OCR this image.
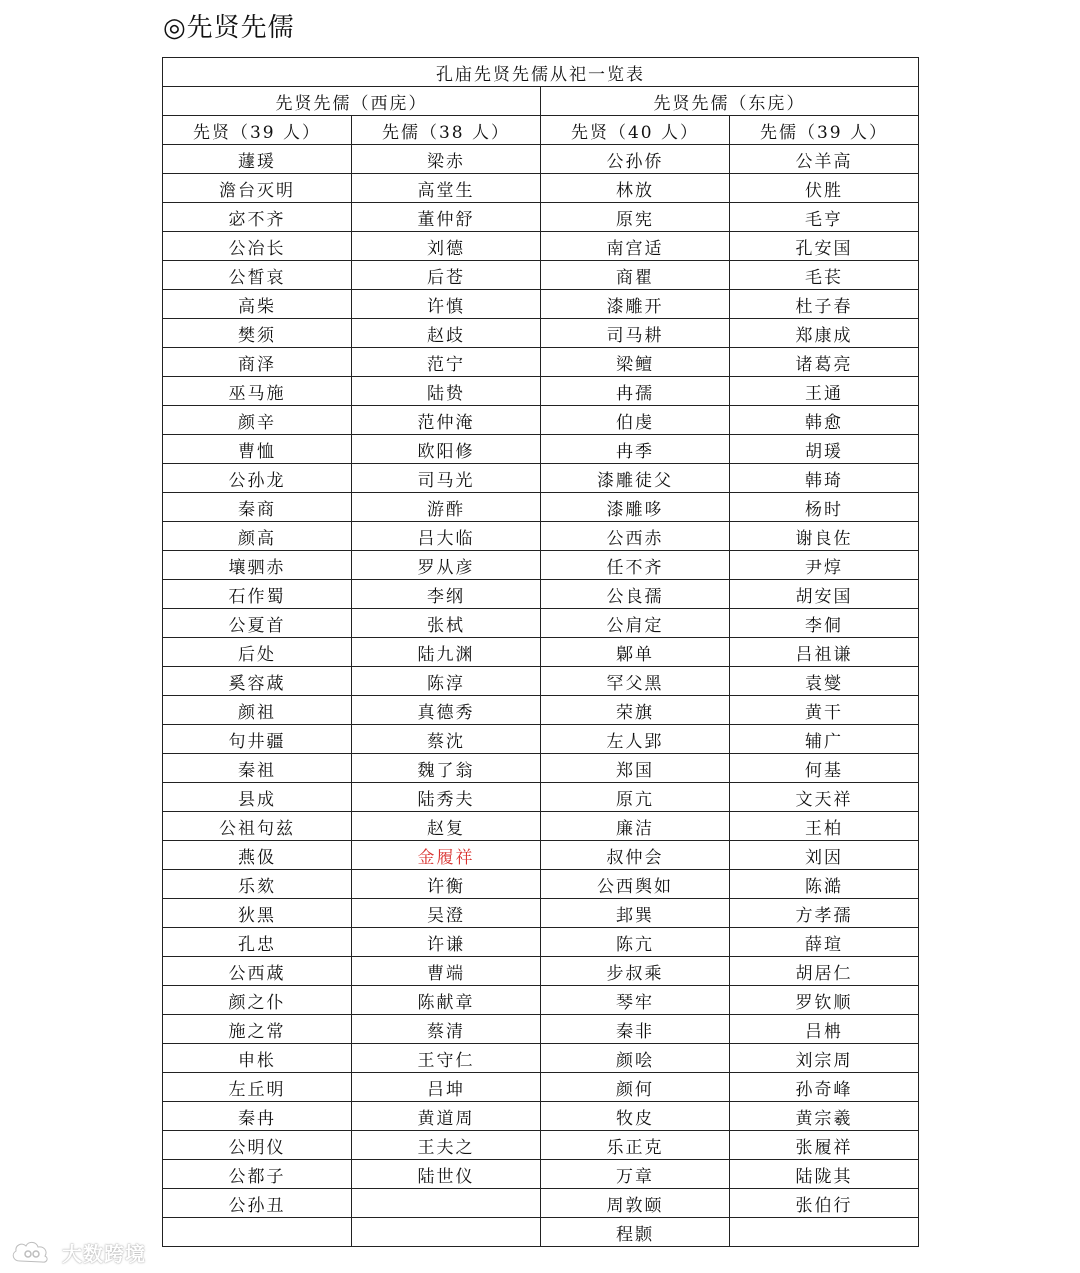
◎先贤先儒
孔庙先贤先儒从祀一览表			
先贤先儒（西庑）		先贤先儒（东庑）	
先贤（39 人）	先儒（38 人）	先贤（40 人）	先儒（39 人）
蘧瑗	梁赤	公孙侨	公羊高
澹台灭明	高堂生	林放	伏胜
宓不齐	董仲舒	原宪	毛亨
公冶长	刘德	南宫适	孔安国
公皙哀	后苍	商瞿	毛苌
高柴	许慎	漆雕开	杜子春
樊须	赵歧	司马耕	郑康成
商泽	范宁	梁鳣	诸葛亮
巫马施	陆贽	冉孺	王通
颜辛	范仲淹	伯虔	韩愈
曹恤	欧阳修	冉季	胡瑗
公孙龙	司马光	漆雕徒父	韩琦
秦商	游酢	漆雕哆	杨时
颜高	吕大临	公西赤	谢良佐
壤驷赤	罗从彦	任不齐	尹焞
石作蜀	李纲	公良孺	胡安国
公夏首	张栻	公肩定	李侗
后处	陆九渊	鄡单	吕祖谦
奚容蒧	陈淳	罕父黑	袁燮
颜祖	真德秀	荣旗	黄干
句井疆	蔡沈	左人郢	辅广
秦祖	魏了翁	郑国	何基
县成	陆秀夫	原亢	文天祥
公祖句兹	赵复	廉洁	王柏
燕伋	金履祥	叔仲会	刘因
乐欬	许衡	公西舆如	陈澔
狄黑	吴澄	邽巽	方孝孺
孔忠	许谦	陈亢	薛瑄
公西蒧	曹端	步叔乘	胡居仁
颜之仆	陈献章	琴牢	罗钦顺
施之常	蔡清	秦非	吕柟
申枨	王守仁	颜哙	刘宗周
左丘明	吕坤	颜何	孙奇峰
秦冉	黄道周	牧皮	黄宗羲
公明仪	王夫之	乐正克	张履祥
公都子	陆世仪	万章	陆陇其
公孙丑		周敦颐	张伯行
		程颢	
大数跨境
